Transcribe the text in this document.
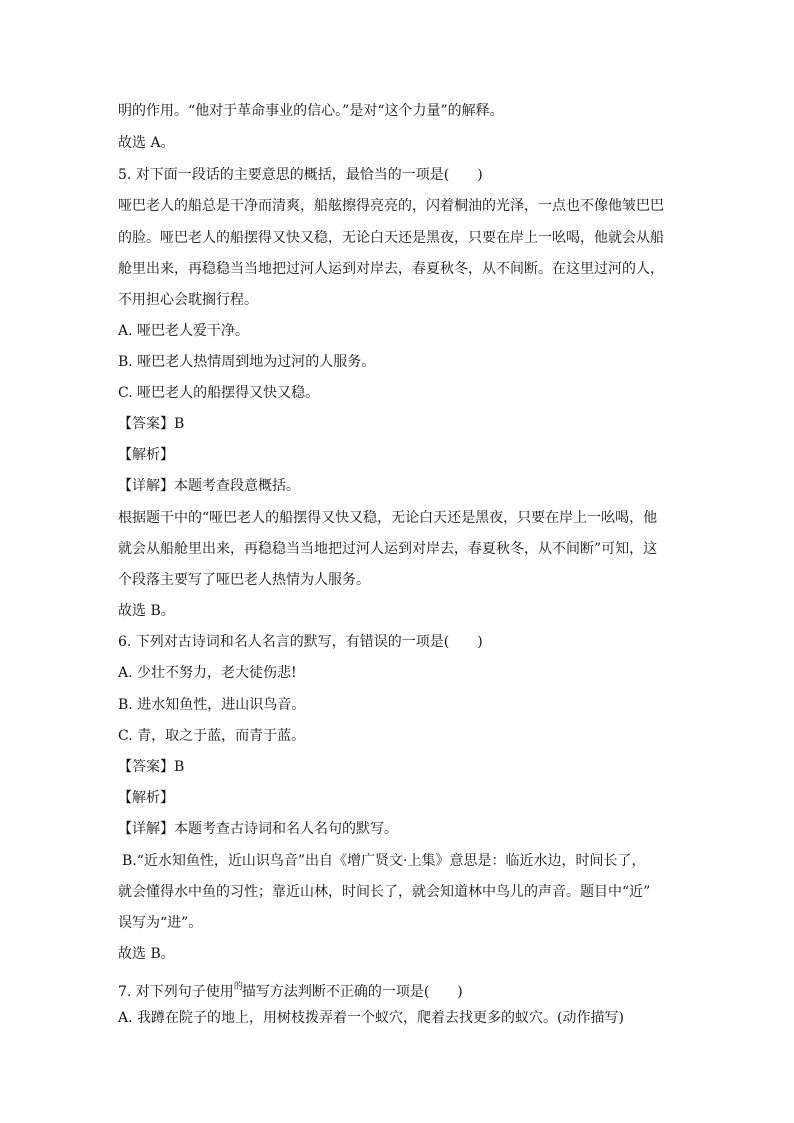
明的作用。“他对于革命事业的信心。”是对“这个力量”的解释。
故选 A。
5. 对下面一段话的主要意思的概括，最恰当的一项是(　　)
哑巴老人的船总是干净而清爽，船舷擦得亮亮的，闪着桐油的光泽，一点也不像他皱巴巴
的脸。哑巴老人的船摆得又快又稳，无论白天还是黑夜，只要在岸上一吆喝，他就会从船
舱里出来，再稳稳当当地把过河人运到对岸去，春夏秋冬，从不间断。在这里过河的人，
不用担心会耽搁行程。
A. 哑巴老人爱干净。
B. 哑巴老人热情周到地为过河的人服务。
C. 哑巴老人的船摆得又快又稳。
【答案】B
【解析】
【详解】本题考查段意概括。
根据题干中的“哑巴老人的船摆得又快又稳，无论白天还是黑夜，只要在岸上一吆喝，他
就会从船舱里出来，再稳稳当当地把过河人运到对岸去，春夏秋冬，从不间断”可知，这
个段落主要写了哑巴老人热情为人服务。
故选 B。
6. 下列对古诗词和名人名言的默写，有错误的一项是(　　)
A. 少壮不努力，老大徒伤悲!
B. 进水知鱼性，进山识鸟音。
C. 青，取之于蓝，而青于蓝。
【答案】B
【解析】
【详解】本题考查古诗词和名人名句的默写。
B.“近水知鱼性，近山识鸟音”出自《增广贤文·上集》意思是：临近水边，时间长了，
就会懂得水中鱼的习性；靠近山林，时间长了，就会知道林中鸟儿的声音。题目中“近”
误写为“进”。
故选 B。
7. 对下列句子使用$^的$描写方法判断不正确的一项是(　　)
A. 我蹲在院子的地上，用树枝拨弄着一个蚁穴，爬着去找更多的蚁穴。(动作描写)
